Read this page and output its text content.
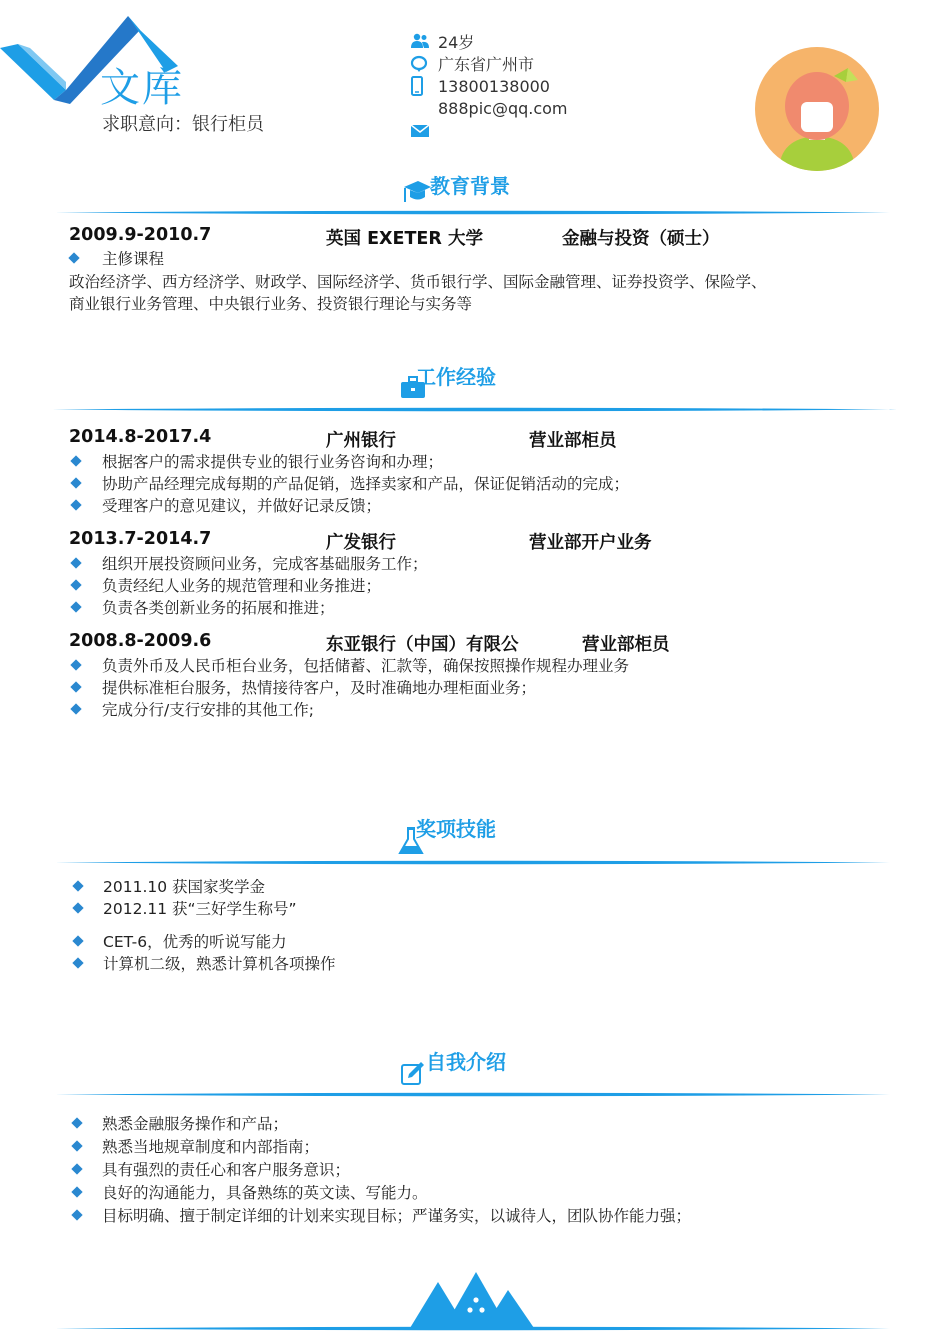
文库
求职意向：银行柜员
24岁
广东省广州市
13800138000
888pic@qq.com
教育背景
2009.9-2010.7	英国 EXETER 大学	金融与投资（硕士）
主修课程
政治经济学、西方经济学、财政学、国际经济学、货币银行学、国际金融管理、证券投资学、保险学、
商业银行业务管理、中央银行业务、投资银行理论与实务等
工作经验
2014.8-2017.4	广州银行	营业部柜员
根据客户的需求提供专业的银行业务咨询和办理；
协助产品经理完成每期的产品促销，选择卖家和产品，保证促销活动的完成；
受理客户的意见建议，并做好记录反馈；
2013.7-2014.7	广发银行	营业部开户业务
组织开展投资顾问业务，完成客基础服务工作；
负责经纪人业务的规范管理和业务推进；
负责各类创新业务的拓展和推进；
2008.8-2009.6	东亚银行（中国）有限公	营业部柜员
负责外币及人民币柜台业务，包括储蓄、汇款等，确保按照操作规程办理业务
提供标准柜台服务，热情接待客户，及时准确地办理柜面业务；
完成分行/支行安排的其他工作;
奖项技能
2011.10 获国家奖学金
2012.11 获“三好学生称号”
CET-6，优秀的听说写能力
计算机二级，熟悉计算机各项操作
自我介绍
熟悉金融服务操作和产品；
熟悉当地规章制度和内部指南；
具有强烈的责任心和客户服务意识；
良好的沟通能力，具备熟练的英文读、写能力。
目标明确、擅于制定详细的计划来实现目标；严谨务实，以诚待人，团队协作能力强；
